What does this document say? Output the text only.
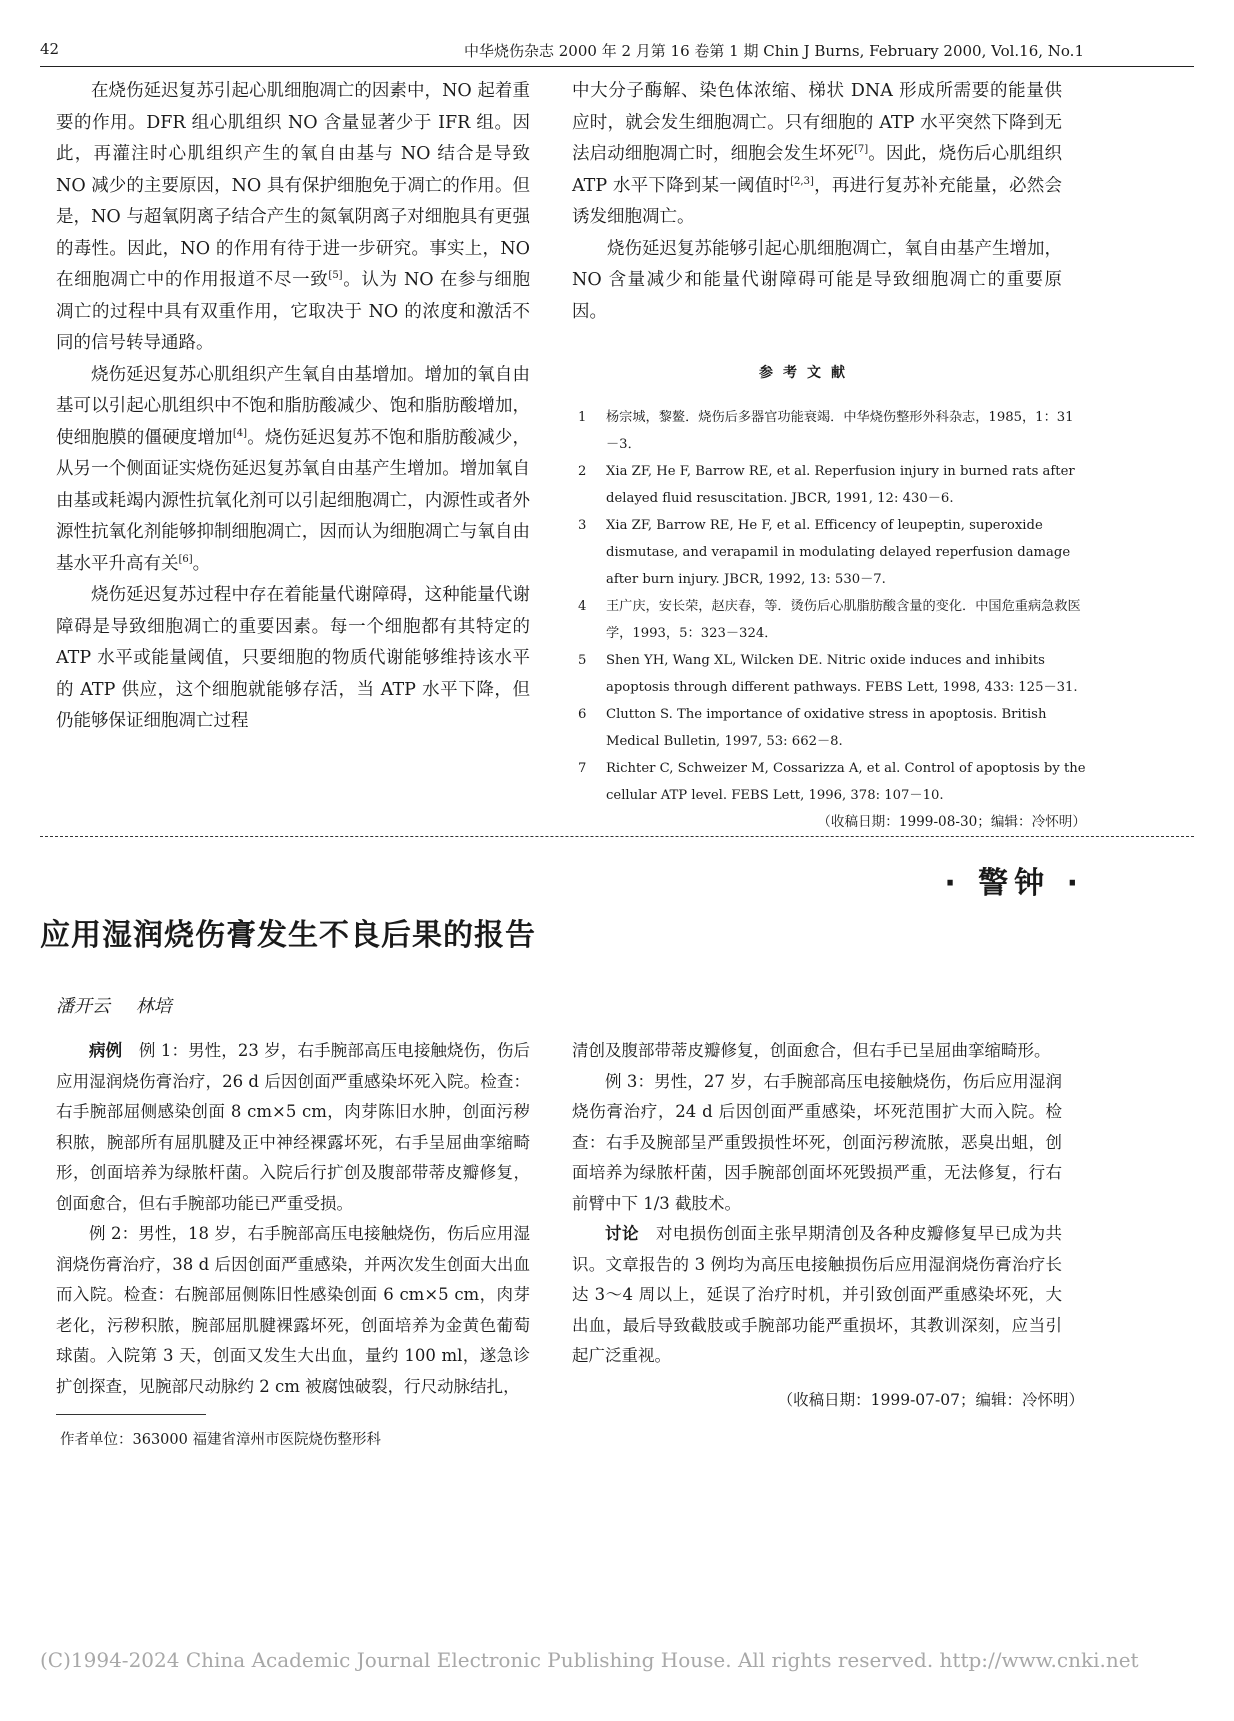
42	中华烧伤杂志 2000 年 2 月第 16 卷第 1 期 Chin J Burns, February 2000, Vol.16, No.1

在烧伤延迟复苏引起心肌细胞凋亡的因素中，NO 起着重要的作用。DFR 组心肌组织 NO 含量显著少于 IFR 组。因此，再灌注时心肌组织产生的氧自由基与 NO 结合是导致 NO 减少的主要原因，NO 具有保护细胞免于凋亡的作用。但是，NO 与超氧阴离子结合产生的氮氧阴离子对细胞具有更强的毒性。因此，NO 的作用有待于进一步研究。事实上，NO 在细胞凋亡中的作用报道不尽一致[5]。认为 NO 在参与细胞凋亡的过程中具有双重作用，它取决于 NO 的浓度和激活不同的信号转导通路。

烧伤延迟复苏心肌组织产生氧自由基增加。增加的氧自由基可以引起心肌组织中不饱和脂肪酸减少、饱和脂肪酸增加，使细胞膜的僵硬度增加[4]。烧伤延迟复苏不饱和脂肪酸减少，从另一个侧面证实烧伤延迟复苏氧自由基产生增加。增加氧自由基或耗竭内源性抗氧化剂可以引起细胞凋亡，内源性或者外源性抗氧化剂能够抑制细胞凋亡，因而认为细胞凋亡与氧自由基水平升高有关[6]。

烧伤延迟复苏过程中存在着能量代谢障碍，这种能量代谢障碍是导致细胞凋亡的重要因素。每一个细胞都有其特定的 ATP 水平或能量阈值，只要细胞的物质代谢能够维持该水平的 ATP 供应，这个细胞就能够存活，当 ATP 水平下降，但仍能够保证细胞凋亡过程

中大分子酶解、染色体浓缩、梯状 DNA 形成所需要的能量供应时，就会发生细胞凋亡。只有细胞的 ATP 水平突然下降到无法启动细胞凋亡时，细胞会发生坏死[7]。因此，烧伤后心肌组织 ATP 水平下降到某一阈值时[2,3]，再进行复苏补充能量，必然会诱发细胞凋亡。

烧伤延迟复苏能够引起心肌细胞凋亡，氧自由基产生增加，NO 含量减少和能量代谢障碍可能是导致细胞凋亡的重要原因。

参考文献
1 杨宗城，黎鳌．烧伤后多器官功能衰竭．中华烧伤整形外科杂志，1985，1：31－3．
2 Xia ZF, He F, Barrow RE, et al. Reperfusion injury in burned rats after delayed fluid resuscitation. JBCR, 1991, 12: 430－6.
3 Xia ZF, Barrow RE, He F, et al. Efficency of leupeptin, superoxide dismutase, and verapamil in modulating delayed reperfusion damage after burn injury. JBCR, 1992, 13: 530－7.
4 王广庆，安长荣，赵庆春，等．烫伤后心肌脂肪酸含量的变化．中国危重病急救医学，1993，5：323－324．
5 Shen YH, Wang XL, Wilcken DE. Nitric oxide induces and inhibits apoptosis through different pathways. FEBS Lett, 1998, 433: 125－31.
6 Clutton S. The importance of oxidative stress in apoptosis. British Medical Bulletin, 1997, 53: 662－8.
7 Richter C, Schweizer M, Cossarizza A, et al. Control of apoptosis by the cellular ATP level. FEBS Lett, 1996, 378: 107－10.
（收稿日期：1999-08-30；编辑：冷怀明）
· 警钟 ·
应用湿润烧伤膏发生不良后果的报告
潘开云 林培

病例　 例 1：男性，23 岁，右手腕部高压电接触烧伤，伤后应用湿润烧伤膏治疗，26 d 后因创面严重感染坏死入院。检查：右手腕部屈侧感染创面 8 cm×5 cm，肉芽陈旧水肿，创面污秽积脓，腕部所有屈肌腱及正中神经裸露坏死，右手呈屈曲挛缩畸形，创面培养为绿脓杆菌。入院后行扩创及腹部带蒂皮瓣修复，创面愈合，但右手腕部功能已严重受损。

例 2：男性，18 岁，右手腕部高压电接触烧伤，伤后应用湿润烧伤膏治疗，38 d 后因创面严重感染，并两次发生创面大出血而入院。检查：右腕部屈侧陈旧性感染创面 6 cm×5 cm，肉芽老化，污秽积脓，腕部屈肌腱裸露坏死，创面培养为金黄色葡萄球菌。入院第 3 天，创面又发生大出血，量约 100 ml，遂急诊扩创探查，见腕部尺动脉约 2 cm 被腐蚀破裂，行尺动脉结扎，

清创及腹部带蒂皮瓣修复，创面愈合，但右手已呈屈曲挛缩畸形。

例 3：男性，27 岁，右手腕部高压电接触烧伤，伤后应用湿润烧伤膏治疗，24 d 后因创面严重感染，坏死范围扩大而入院。检查：右手及腕部呈严重毁损性坏死，创面污秽流脓，恶臭出蛆，创面培养为绿脓杆菌，因手腕部创面坏死毁损严重，无法修复，行右前臂中下 1/3 截肢术。

讨论　 对电损伤创面主张早期清创及各种皮瓣修复早已成为共识。文章报告的 3 例均为高压电接触损伤后应用湿润烧伤膏治疗长达 3～4 周以上，延误了治疗时机，并引致创面严重感染坏死，大出血，最后导致截肢或手腕部功能严重损坏，其教训深刻，应当引起广泛重视。

（收稿日期：1999-07-07；编辑：冷怀明）
作者单位：363000 福建省漳州市医院烧伤整形科
(C)1994-2024 China Academic Journal Electronic Publishing House. All rights reserved. http://www.cnki.net
